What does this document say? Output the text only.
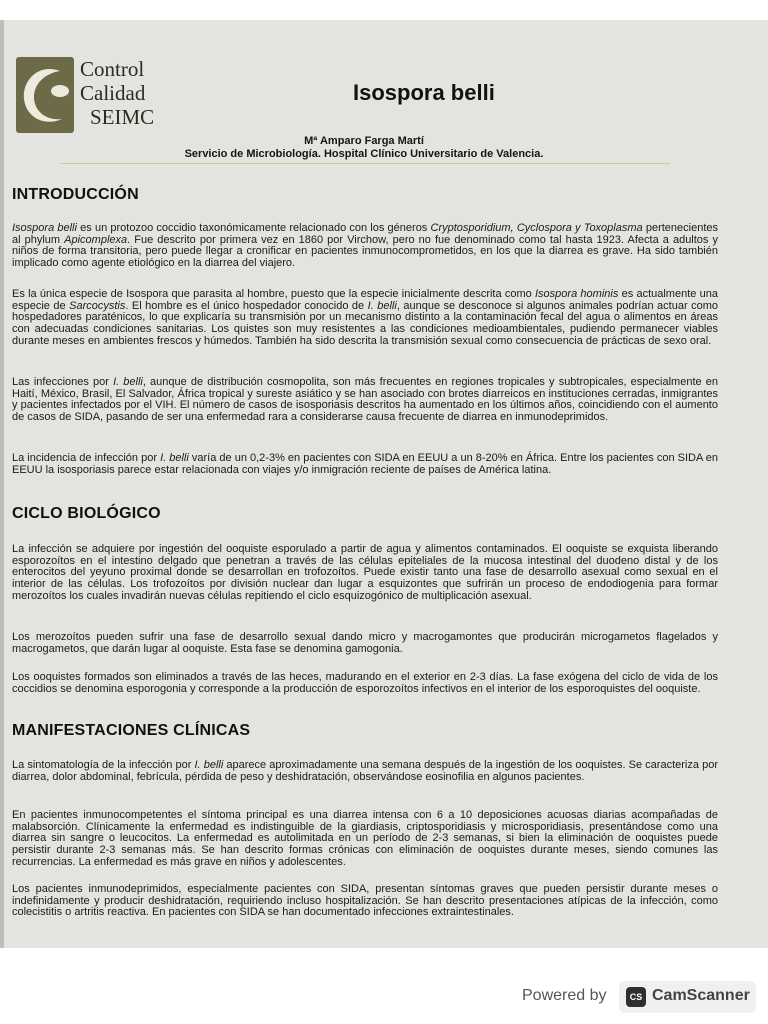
Control
Calidad
SEIMC
Isospora belli
Mª Amparo Farga Martí
Servicio de Microbiología. Hospital Clínico Universitario de Valencia.
INTRODUCCIÓN
Isospora belli es un protozoo coccidio taxonómicamente relacionado con los géneros Cryptosporidium, Cyclospora y Toxoplasma pertenecientes al phylum Apicomplexa. Fue descrito por primera vez en 1860 por Virchow, pero no fue denominado como tal hasta 1923. Afecta a adultos y niños de forma transitoria, pero puede llegar a cronificar en pacientes inmunocomprometidos, en los que la diarrea es grave. Ha sido también implicado como agente etiológico en la diarrea del viajero.
Es la única especie de Isospora que parasita al hombre, puesto que la especie inicialmente descrita como Isospora hominis es actualmente una especie de Sarcocystis. El hombre es el único hospedador conocido de I. belli, aunque se desconoce si algunos animales podrían actuar como hospedadores paraténicos, lo que explicaría su transmisión por un mecanismo distinto a la contaminación fecal del agua o alimentos en áreas con adecuadas condiciones sanitarias. Los quistes son muy resistentes a las condiciones medioambientales, pudiendo permanecer viables durante meses en ambientes frescos y húmedos. También ha sido descrita la transmisión sexual como consecuencia de prácticas de sexo oral.
Las infecciones por I. belli, aunque de distribución cosmopolita, son más frecuentes en regiones tropicales y subtropicales, especialmente en Haití, México, Brasil, El Salvador, África tropical y sureste asiático y se han asociado con brotes diarreicos en instituciones cerradas, inmigrantes y pacientes infectados por el VIH. El número de casos de isosporiasis descritos ha aumentado en los últimos años, coincidiendo con el aumento de casos de SIDA, pasando de ser una enfermedad rara a considerarse causa frecuente de diarrea en inmunodeprimidos.
La incidencia de infección por I. belli varía de un 0,2-3% en pacientes con SIDA en EEUU a un 8-20% en África. Entre los pacientes con SIDA en EEUU la isosporiasis parece estar relacionada con viajes y/o inmigración reciente de países de América latina.
CICLO BIOLÓGICO
La infección se adquiere por ingestión del ooquiste esporulado a partir de agua y alimentos contaminados. El ooquiste se exquista liberando esporozoítos en el intestino delgado que penetran a través de las células epiteliales de la mucosa intestinal del duodeno distal y de los enterocitos del yeyuno proximal donde se desarrollan en trofozoítos. Puede existir tanto una fase de desarrollo asexual como sexual en el interior de las células. Los trofozoítos por división nuclear dan lugar a esquizontes que sufrirán un proceso de endodiogenia para formar merozoítos los cuales invadirán nuevas células repitiendo el ciclo esquizogónico de multiplicación asexual.
Los merozoítos pueden sufrir una fase de desarrollo sexual dando micro y macrogamontes que producirán microgametos flagelados y macrogametos, que darán lugar al ooquiste. Esta fase se denomina gamogonia.
Los ooquistes formados son eliminados a través de las heces, madurando en el exterior en 2-3 días. La fase exógena del ciclo de vida de los coccidios se denomina esporogonia y corresponde a la producción de esporozoítos infectivos en el interior de los esporoquistes del ooquiste.
MANIFESTACIONES CLÍNICAS
La sintomatología de la infección por I. belli aparece aproximadamente una semana después de la ingestión de los ooquistes. Se caracteriza por diarrea, dolor abdominal, febrícula, pérdida de peso y deshidratación, observándose eosinofilia en algunos pacientes.
En pacientes inmunocompetentes el síntoma principal es una diarrea intensa con 6 a 10 deposiciones acuosas diarias acompañadas de malabsorción. Clínicamente la enfermedad es indistinguible de la giardiasis, criptosporidiasis y microsporidiasis, presentándose como una diarrea sin sangre o leucocitos. La enfermedad es autolimitada en un período de 2-3 semanas, si bien la eliminación de ooquistes puede persistir durante 2-3 semanas más. Se han descrito formas crónicas con eliminación de ooquistes durante meses, siendo comunes las recurrencias. La enfermedad es más grave en niños y adolescentes.
Los pacientes inmunodeprimidos, especialmente pacientes con SIDA, presentan síntomas graves que pueden persistir durante meses o indefinidamente y producir deshidratación, requiriendo incluso hospitalización. Se han descrito presentaciones atípicas de la infección, como colecistitis o artritis reactiva. En pacientes con SIDA se han documentado infecciones extraintestinales.
Powered by	CS CamScanner
